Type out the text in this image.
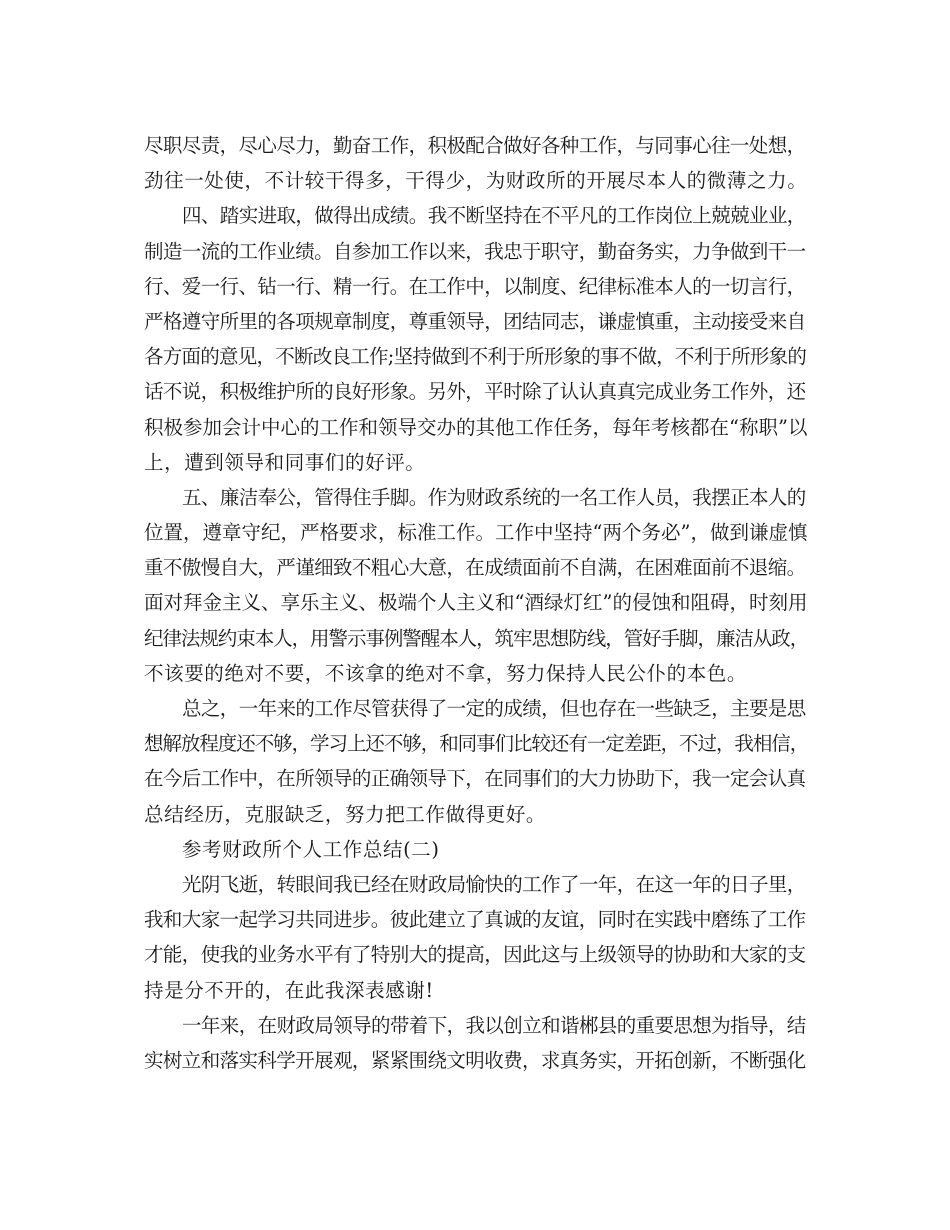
尽职尽责，尽心尽力，勤奋工作，积极配合做好各种工作，与同事心往一处想，
劲往一处使，不计较干得多，干得少，为财政所的开展尽本人的微薄之力。
四、踏实进取，做得出成绩。我不断坚持在不平凡的工作岗位上兢兢业业，
制造一流的工作业绩。自参加工作以来，我忠于职守，勤奋务实，力争做到干一
行、爱一行、钻一行、精一行。在工作中，以制度、纪律标准本人的一切言行，
严格遵守所里的各项规章制度，尊重领导，团结同志，谦虚慎重，主动接受来自
各方面的意见，不断改良工作;坚持做到不利于所形象的事不做，不利于所形象的
话不说，积极维护所的良好形象。另外，平时除了认认真真完成业务工作外，还
积极参加会计中心的工作和领导交办的其他工作任务，每年考核都在“称职”以
上，遭到领导和同事们的好评。
五、廉洁奉公，管得住手脚。作为财政系统的一名工作人员，我摆正本人的
位置，遵章守纪，严格要求，标准工作。工作中坚持“两个务必”，做到谦虚慎
重不傲慢自大，严谨细致不粗心大意，在成绩面前不自满，在困难面前不退缩。
面对拜金主义、享乐主义、极端个人主义和“酒绿灯红”的侵蚀和阻碍，时刻用
纪律法规约束本人，用警示事例警醒本人，筑牢思想防线，管好手脚，廉洁从政，
不该要的绝对不要，不该拿的绝对不拿，努力保持人民公仆的本色。
总之，一年来的工作尽管获得了一定的成绩，但也存在一些缺乏，主要是思
想解放程度还不够，学习上还不够，和同事们比较还有一定差距，不过，我相信，
在今后工作中，在所领导的正确领导下，在同事们的大力协助下，我一定会认真
总结经历，克服缺乏，努力把工作做得更好。
参考财政所个人工作总结(二)
光阴飞逝，转眼间我已经在财政局愉快的工作了一年，在这一年的日子里，
我和大家一起学习共同进步。彼此建立了真诚的友谊，同时在实践中磨练了工作
才能，使我的业务水平有了特别大的提高，因此这与上级领导的协助和大家的支
持是分不开的，在此我深表感谢!
一年来，在财政局领导的带着下，我以创立和谐郴县的重要思想为指导，结
实树立和落实科学开展观，紧紧围绕文明收费，求真务实，开拓创新，不断强化
